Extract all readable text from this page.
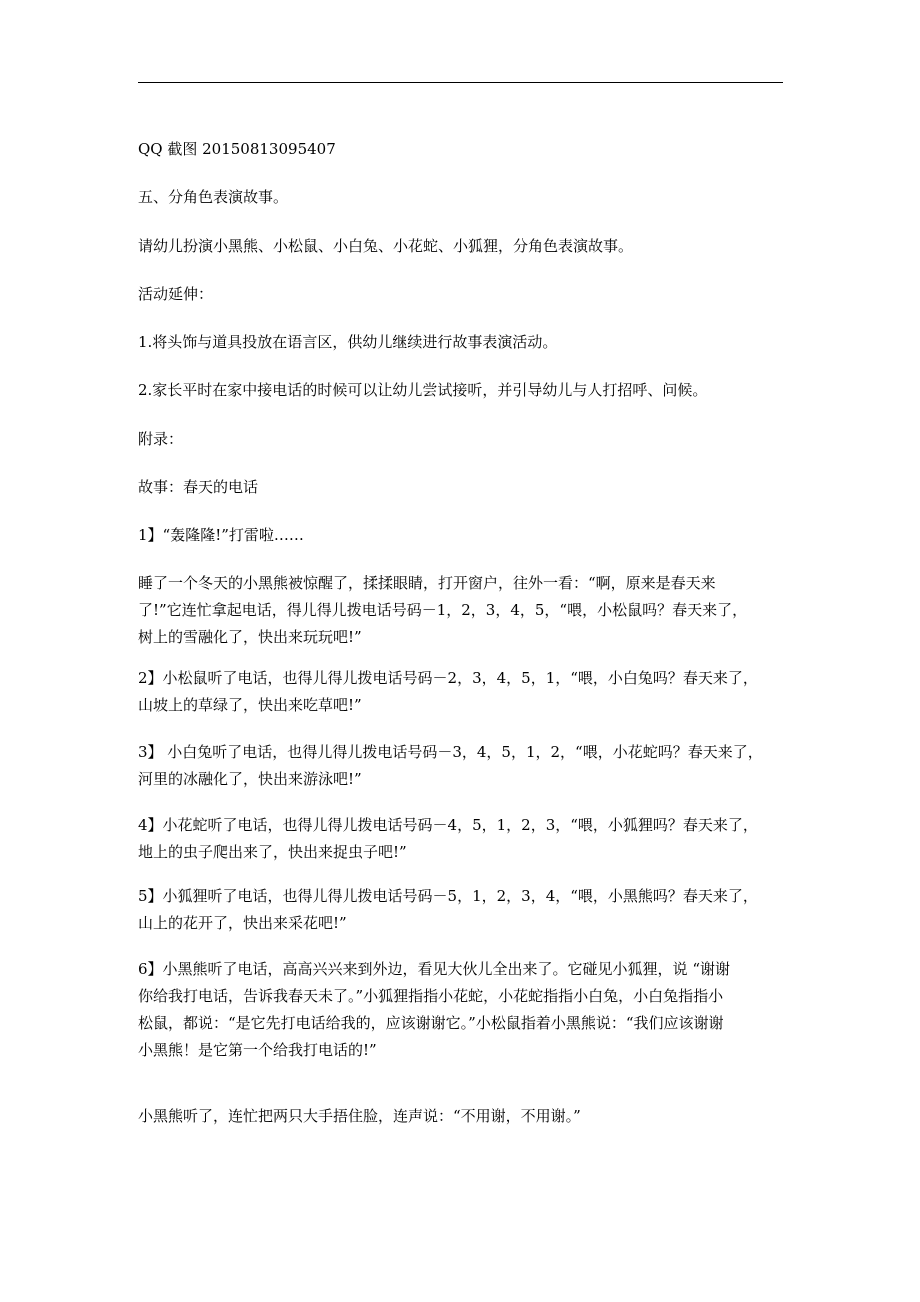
QQ 截图 20150813095407

五、分角色表演故事。

请幼儿扮演小黑熊、小松鼠、小白兔、小花蛇、小狐狸，分角色表演故事。

活动延伸：

1.将头饰与道具投放在语言区，供幼儿继续进行故事表演活动。

2.家长平时在家中接电话的时候可以让幼儿尝试接听，并引导幼儿与人打招呼、问候。

附录：

故事：春天的电话

1】“轰隆隆!”打雷啦……

睡了一个冬天的小黑熊被惊醒了，揉揉眼睛，打开窗户，往外一看：“啊，原来是春天来
了!”它连忙拿起电话，得儿得儿拨电话号码－1，2，3，4，5，“喂，小松鼠吗？春天来了，
树上的雪融化了，快出来玩玩吧!”

2】小松鼠听了电话，也得儿得儿拨电话号码－2，3，4，5，1，“喂，小白兔吗？春天来了，
山坡上的草绿了，快出来吃草吧!”

3】 小白兔听了电话，也得儿得儿拨电话号码－3，4，5，1，2，“喂，小花蛇吗？春天来了，
河里的冰融化了，快出来游泳吧!”

4】小花蛇听了电话，也得儿得儿拨电话号码－4，5，1，2，3，“喂，小狐狸吗？春天来了，
地上的虫子爬出来了，快出来捉虫子吧!”

5】小狐狸听了电话，也得儿得儿拨电话号码－5，1，2，3，4，“喂，小黑熊吗？春天来了，
山上的花开了，快出来采花吧!”

6】小黑熊听了电话，高高兴兴来到外边，看见大伙儿全出来了。它碰见小狐狸，说 “谢谢
你给我打电话，告诉我春天未了。”小狐狸指指小花蛇，小花蛇指指小白兔，小白兔指指小
松鼠，都说：“是它先打电话给我的，应该谢谢它。”小松鼠指着小黑熊说：“我们应该谢谢
小黑熊！是它第一个给我打电话的!”

小黑熊听了，连忙把两只大手捂住脸，连声说：“不用谢，不用谢。”
